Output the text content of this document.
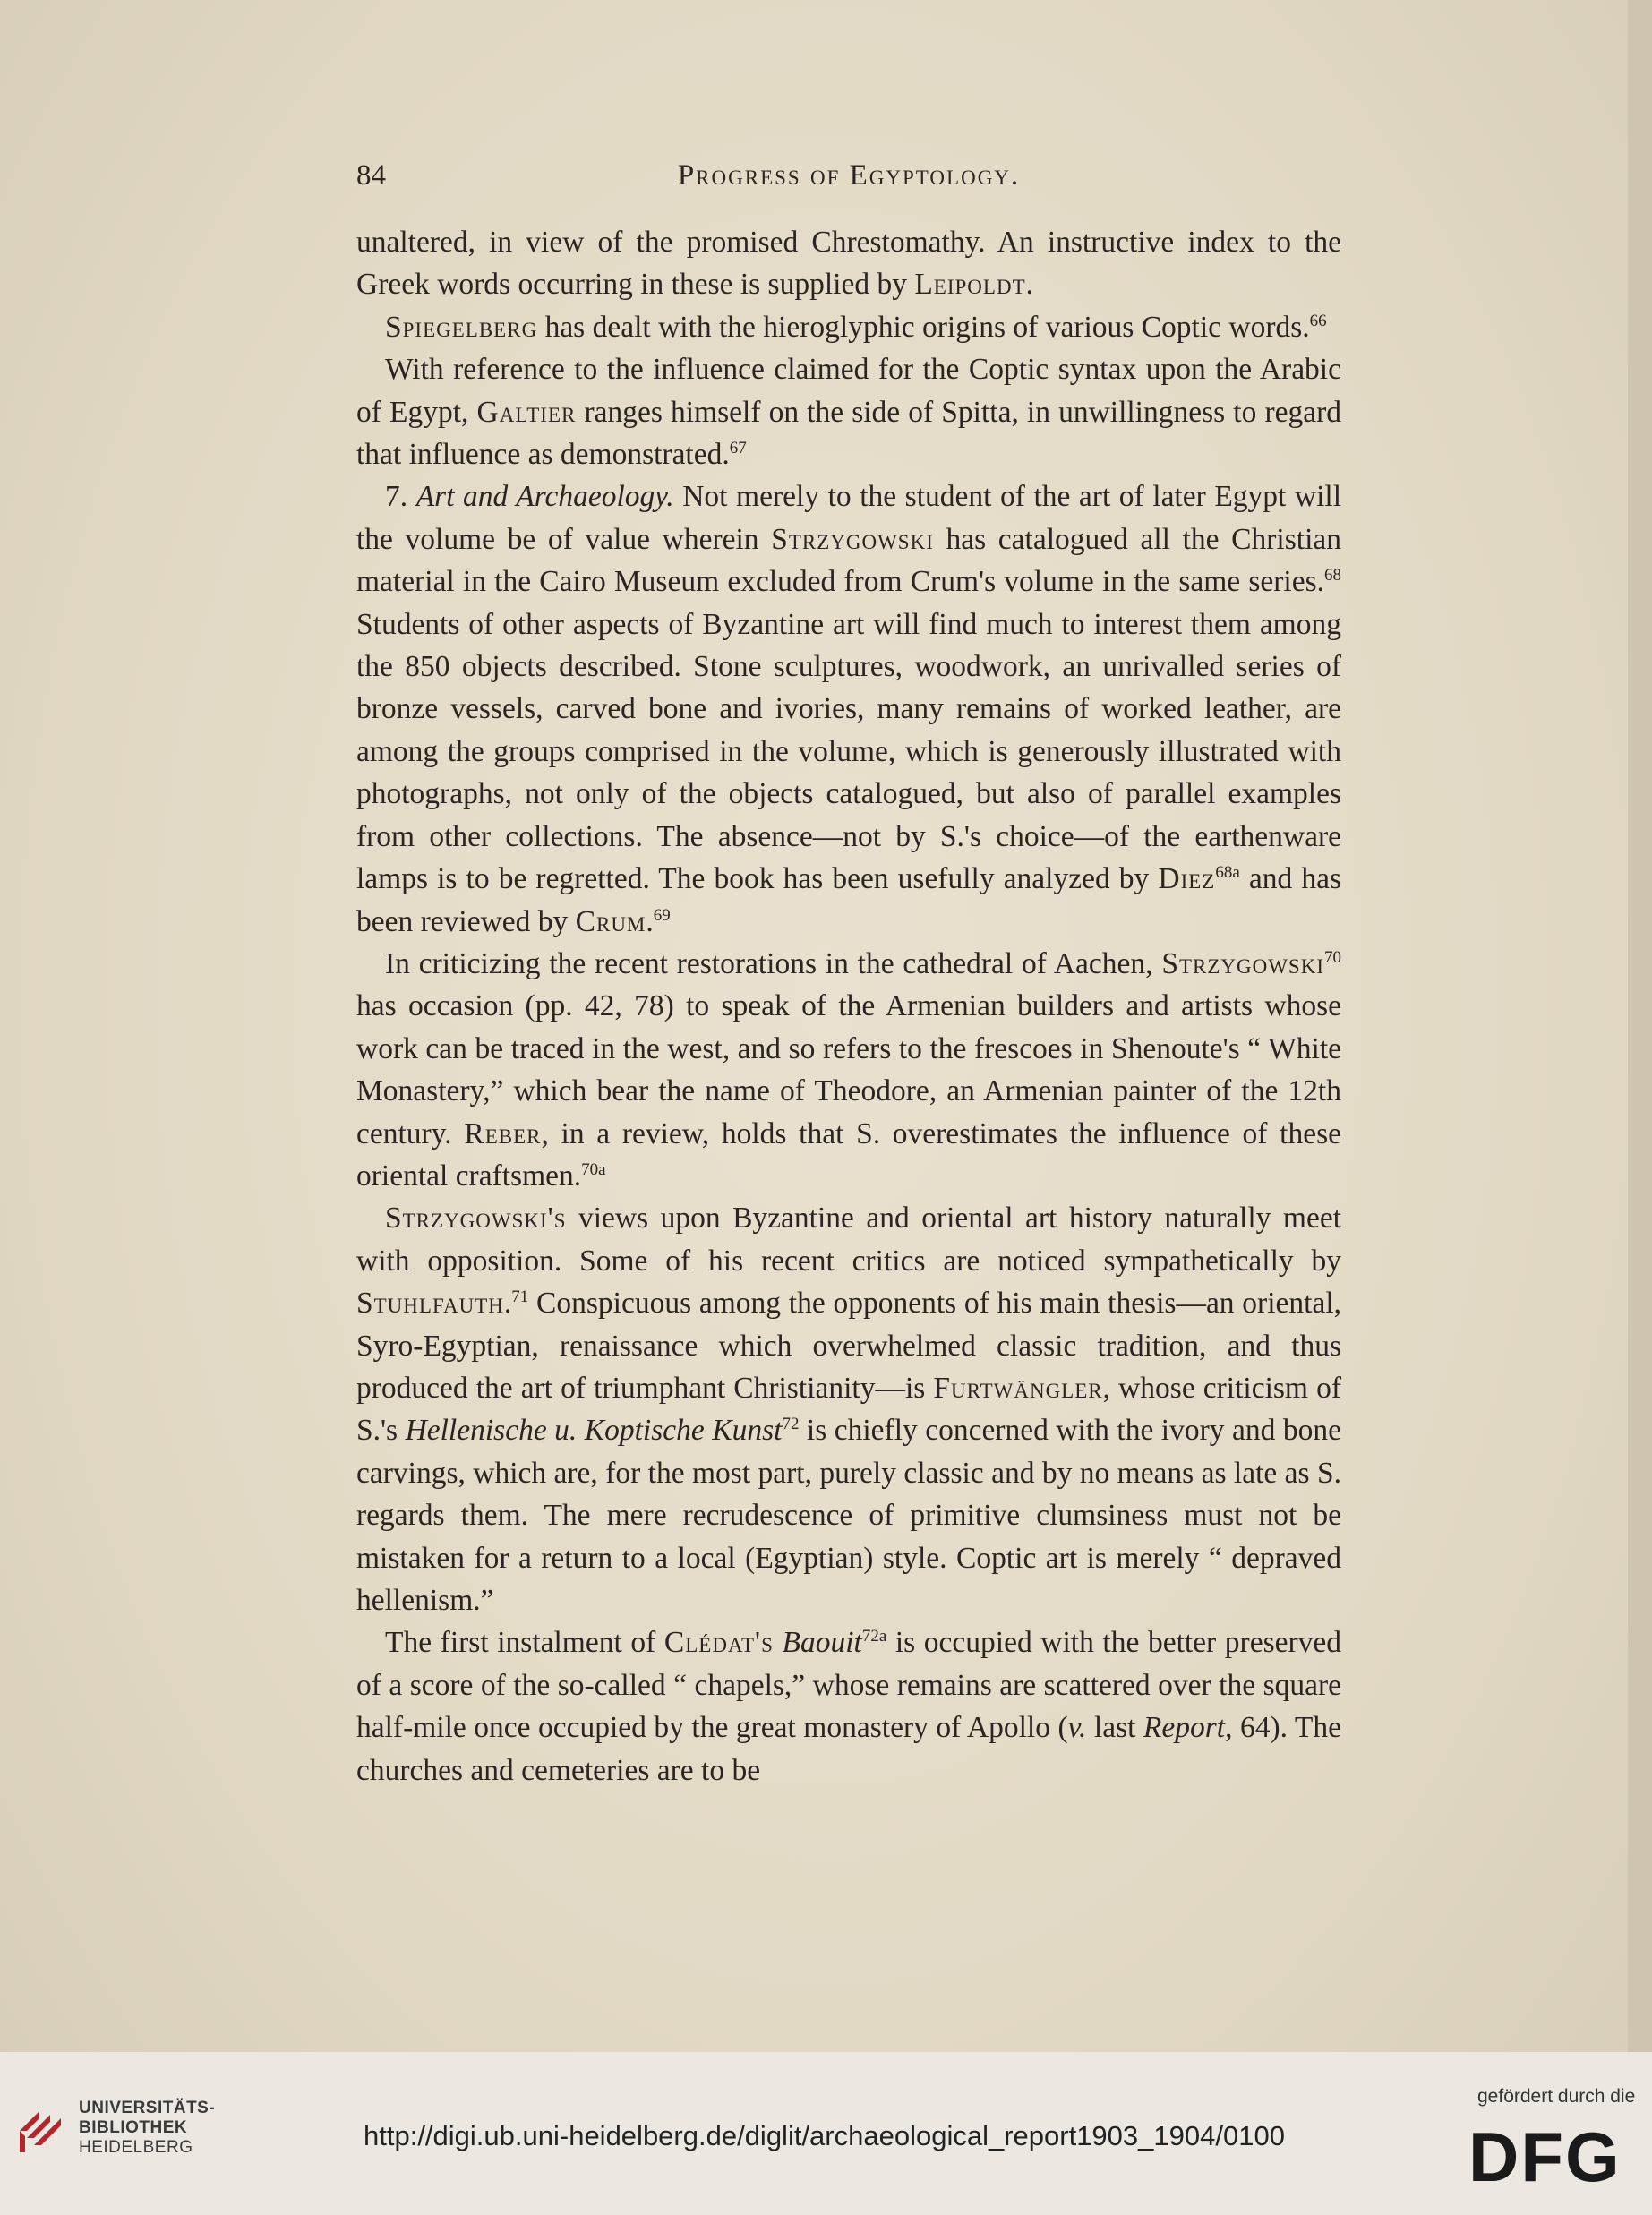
84	Progress of Egyptology.

unaltered, in view of the promised Chrestomathy. An instructive index to the Greek words occurring in these is supplied by Leipoldt.

Spiegelberg has dealt with the hieroglyphic origins of various Coptic words.$^{66}$

With reference to the influence claimed for the Coptic syntax upon the Arabic of Egypt, Galtier ranges himself on the side of Spitta, in unwillingness to regard that influence as demonstrated.$^{67}$

7. Art and Archaeology. Not merely to the student of the art of later Egypt will the volume be of value wherein Strzygowski has catalogued all the Christian material in the Cairo Museum excluded from Crum's volume in the same series.$^{68}$ Students of other aspects of Byzantine art will find much to interest them among the 850 objects described. Stone sculptures, woodwork, an unrivalled series of bronze vessels, carved bone and ivories, many remains of worked leather, are among the groups comprised in the volume, which is generously illustrated with photographs, not only of the objects catalogued, but also of parallel examples from other collections. The absence—not by S.'s choice—of the earthenware lamps is to be regretted. The book has been usefully analyzed by Diez$^{68a}$ and has been reviewed by Crum.$^{69}$

In criticizing the recent restorations in the cathedral of Aachen, Strzygowski$^{70}$ has occasion (pp. 42, 78) to speak of the Armenian builders and artists whose work can be traced in the west, and so refers to the frescoes in Shenoute's “ White Monastery,” which bear the name of Theodore, an Armenian painter of the 12th century. Reber, in a review, holds that S. overestimates the influence of these oriental craftsmen.$^{70a}$

Strzygowski's views upon Byzantine and oriental art history naturally meet with opposition. Some of his recent critics are noticed sympathetically by Stuhlfauth.$^{71}$ Conspicuous among the opponents of his main thesis—an oriental, Syro-Egyptian, renaissance which overwhelmed classic tradition, and thus produced the art of triumphant Christianity—is Furtwängler, whose criticism of S.'s Hellenische u. Koptische Kunst$^{72}$ is chiefly concerned with the ivory and bone carvings, which are, for the most part, purely classic and by no means as late as S. regards them. The mere recrudescence of primitive clumsiness must not be mistaken for a return to a local (Egyptian) style. Coptic art is merely “ depraved hellenism.”

The first instalment of Clédat's Baouit$^{72a}$ is occupied with the better preserved of a score of the so-called “ chapels,” whose remains are scattered over the square half-mile once occupied by the great monastery of Apollo (v. last Report, 64). The churches and cemeteries are to be

UNIVERSITÄTS-
BIBLIOTHEK
HEIDELBERG	http://digi.ub.uni-heidelberg.de/diglit/archaeological_report1903_1904/0100
gefördert durch die
DFG
